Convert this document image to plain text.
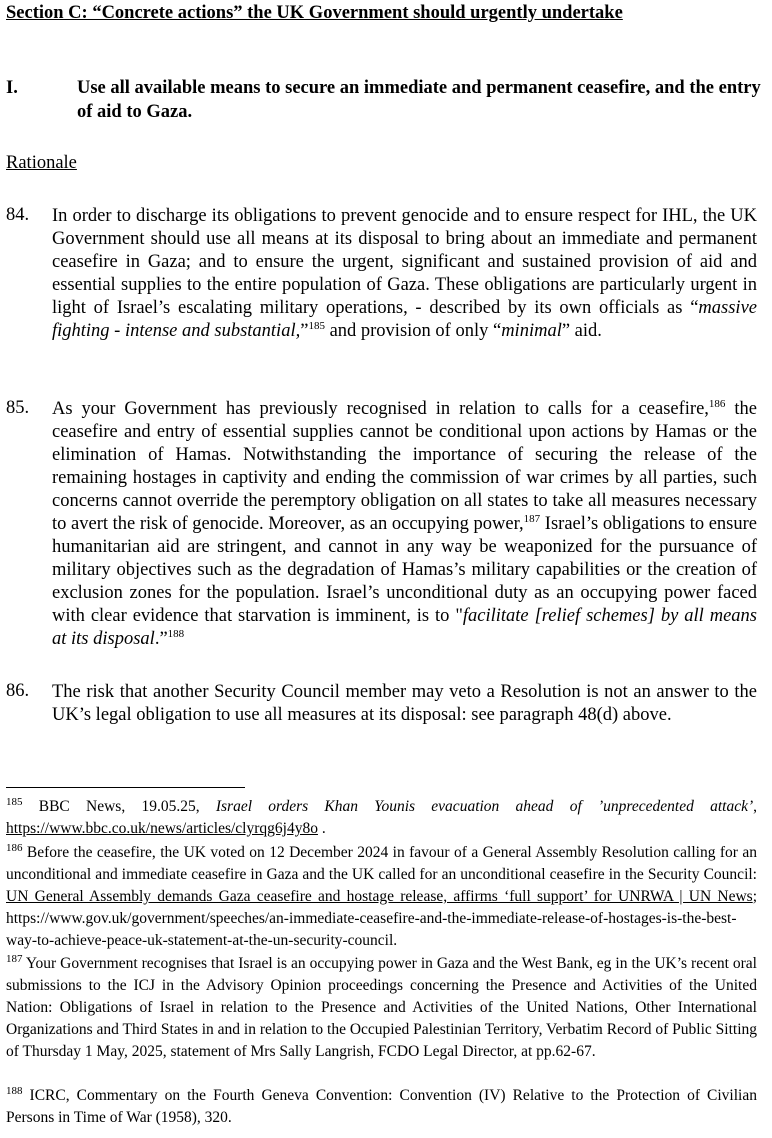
Section C: “Concrete actions” the UK Government should urgently undertake
I.	Use all available means to secure an immediate and permanent ceasefire, and the entry of aid to Gaza.
Rationale
84. In order to discharge its obligations to prevent genocide and to ensure respect for IHL, the UK Government should use all means at its disposal to bring about an immediate and permanent ceasefire in Gaza; and to ensure the urgent, significant and sustained provision of aid and essential supplies to the entire population of Gaza. These obligations are particularly urgent in light of Israel’s escalating military operations, - described by its own officials as “massive fighting - intense and substantial,”$^{185}$ and provision of only “minimal” aid.
85. As your Government has previously recognised in relation to calls for a ceasefire,$^{186}$ the ceasefire and entry of essential supplies cannot be conditional upon actions by Hamas or the elimination of Hamas. Notwithstanding the importance of securing the release of the remaining hostages in captivity and ending the commission of war crimes by all parties, such concerns cannot override the peremptory obligation on all states to take all measures necessary to avert the risk of genocide. Moreover, as an occupying power,$^{187}$ Israel’s obligations to ensure humanitarian aid are stringent, and cannot in any way be weaponized for the pursuance of military objectives such as the degradation of Hamas’s military capabilities or the creation of exclusion zones for the population. Israel’s unconditional duty as an occupying power faced with clear evidence that starvation is imminent, is to "facilitate [relief schemes] by all means at its disposal.”$^{188}$
86. The risk that another Security Council member may veto a Resolution is not an answer to the UK’s legal obligation to use all measures at its disposal: see paragraph 48(d) above.
$^{185}$ BBC News, 19.05.25, Israel orders Khan Younis evacuation ahead of ’unprecedented attack’, https://www.bbc.co.uk/news/articles/clyrqg6j4y8o .
$^{186}$ Before the ceasefire, the UK voted on 12 December 2024 in favour of a General Assembly Resolution calling for an unconditional and immediate ceasefire in Gaza and the UK called for an unconditional ceasefire in the Security Council: UN General Assembly demands Gaza ceasefire and hostage release, affirms ‘full support’ for UNRWA | UN News; https://www.gov.uk/government/speeches/an-immediate-ceasefire-and-the-immediate-release-of-hostages-is-the-best-way-to-achieve-peace-uk-statement-at-the-un-security-council.
$^{187}$ Your Government recognises that Israel is an occupying power in Gaza and the West Bank, eg in the UK’s recent oral submissions to the ICJ in the Advisory Opinion proceedings concerning the Presence and Activities of the United Nation: Obligations of Israel in relation to the Presence and Activities of the United Nations, Other International Organizations and Third States in and in relation to the Occupied Palestinian Territory, Verbatim Record of Public Sitting of Thursday 1 May, 2025, statement of Mrs Sally Langrish, FCDO Legal Director, at pp.62-67.
$^{188}$ ICRC, Commentary on the Fourth Geneva Convention: Convention (IV) Relative to the Protection of Civilian Persons in Time of War (1958), 320.
